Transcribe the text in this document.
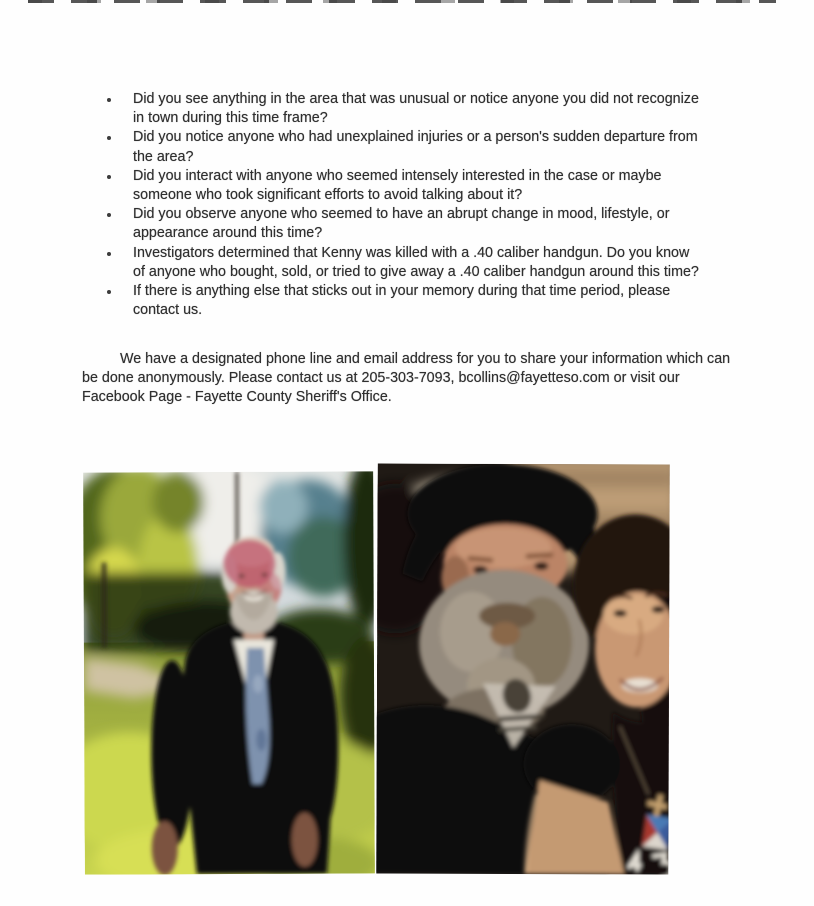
Did you see anything in the area that was unusual or notice anyone you did not recognize in town during this time frame?
Did you notice anyone who had unexplained injuries or a person's sudden departure from the area?
Did you interact with anyone who seemed intensely interested in the case or maybe someone who took significant efforts to avoid talking about it?
Did you observe anyone who seemed to have an abrupt change in mood, lifestyle, or appearance around this time?
Investigators determined that Kenny was killed with a .40 caliber handgun. Do you know of anyone who bought, sold, or tried to give away a .40 caliber handgun around this time?
If there is anything else that sticks out in your memory during that time period, please contact us.

We have a designated phone line and email address for you to share your information which can be done anonymously. Please contact us at 205-303-7093, bcollins@fayetteso.com or visit our Facebook Page - Fayette County Sheriff's Office.
